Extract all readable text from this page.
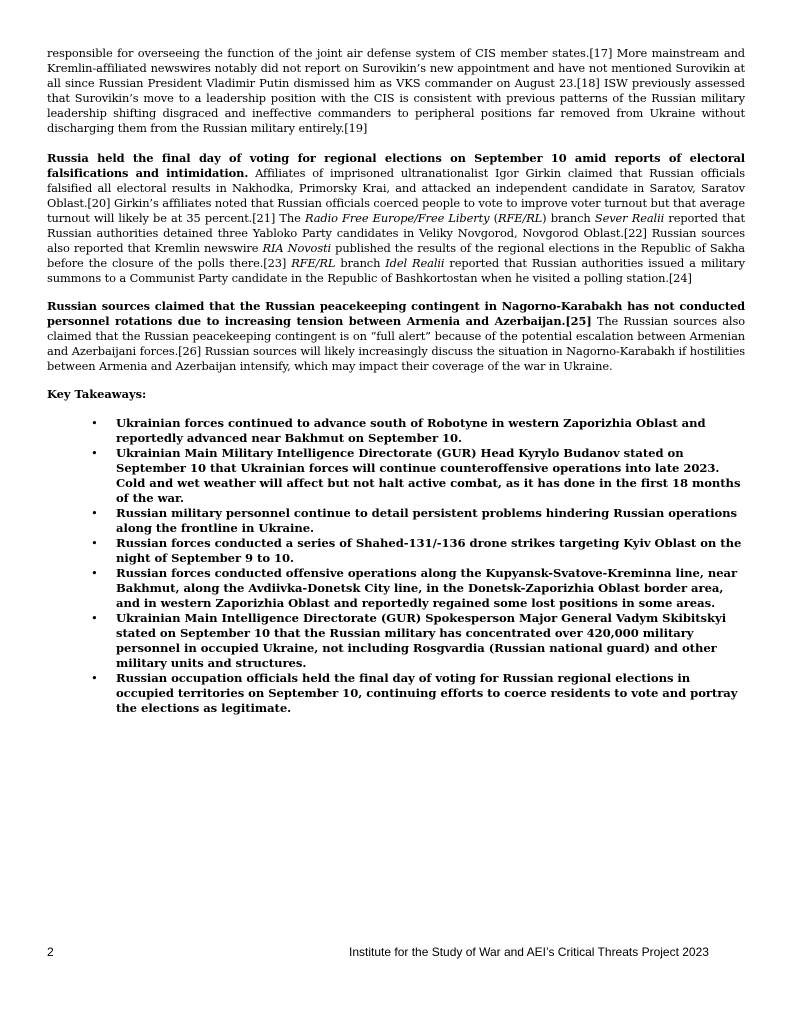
responsible for overseeing the function of the joint air defense system of CIS member states.[17] More mainstream and Kremlin-affiliated newswires notably did not report on Surovikin’s new appointment and have not mentioned Surovikin at all since Russian President Vladimir Putin dismissed him as VKS commander on August 23.[18] ISW previously assessed that Surovikin’s move to a leadership position with the CIS is consistent with previous patterns of the Russian military leadership shifting disgraced and ineffective commanders to peripheral positions far removed from Ukraine without discharging them from the Russian military entirely.[19]

Russia held the final day of voting for regional elections on September 10 amid reports of electoral falsifications and intimidation. Affiliates of imprisoned ultranationalist Igor Girkin claimed that Russian officials falsified all electoral results in Nakhodka, Primorsky Krai, and attacked an independent candidate in Saratov, Saratov Oblast.[20] Girkin’s affiliates noted that Russian officials coerced people to vote to improve voter turnout but that average turnout will likely be at 35 percent.[21] The Radio Free Europe/Free Liberty (RFE/RL) branch Sever Realii reported that Russian authorities detained three Yabloko Party candidates in Veliky Novgorod, Novgorod Oblast.[22] Russian sources also reported that Kremlin newswire RIA Novosti published the results of the regional elections in the Republic of Sakha before the closure of the polls there.[23] RFE/RL branch Idel Realii reported that Russian authorities issued a military summons to a Communist Party candidate in the Republic of Bashkortostan when he visited a polling station.[24]

Russian sources claimed that the Russian peacekeeping contingent in Nagorno-Karabakh has not conducted personnel rotations due to increasing tension between Armenia and Azerbaijan.[25] The Russian sources also claimed that the Russian peacekeeping contingent is on “full alert” because of the potential escalation between Armenian and Azerbaijani forces.[26] Russian sources will likely increasingly discuss the situation in Nagorno-Karabakh if hostilities between Armenia and Azerbaijan intensify, which may impact their coverage of the war in Ukraine.

Key Takeaways:

• Ukrainian forces continued to advance south of Robotyne in western Zaporizhia Oblast and reportedly advanced near Bakhmut on September 10.
• Ukrainian Main Military Intelligence Directorate (GUR) Head Kyrylo Budanov stated on September 10 that Ukrainian forces will continue counteroffensive operations into late 2023. Cold and wet weather will affect but not halt active combat, as it has done in the first 18 months of the war.
• Russian military personnel continue to detail persistent problems hindering Russian operations along the frontline in Ukraine.
• Russian forces conducted a series of Shahed-131/-136 drone strikes targeting Kyiv Oblast on the night of September 9 to 10.
• Russian forces conducted offensive operations along the Kupyansk-Svatove-Kreminna line, near Bakhmut, along the Avdiivka-Donetsk City line, in the Donetsk-Zaporizhia Oblast border area, and in western Zaporizhia Oblast and reportedly regained some lost positions in some areas.
• Ukrainian Main Intelligence Directorate (GUR) Spokesperson Major General Vadym Skibitskyi stated on September 10 that the Russian military has concentrated over 420,000 military personnel in occupied Ukraine, not including Rosgvardia (Russian national guard) and other military units and structures.
• Russian occupation officials held the final day of voting for Russian regional elections in occupied territories on September 10, continuing efforts to coerce residents to vote and portray the elections as legitimate.
2	Institute for the Study of War and AEI’s Critical Threats Project 2023
